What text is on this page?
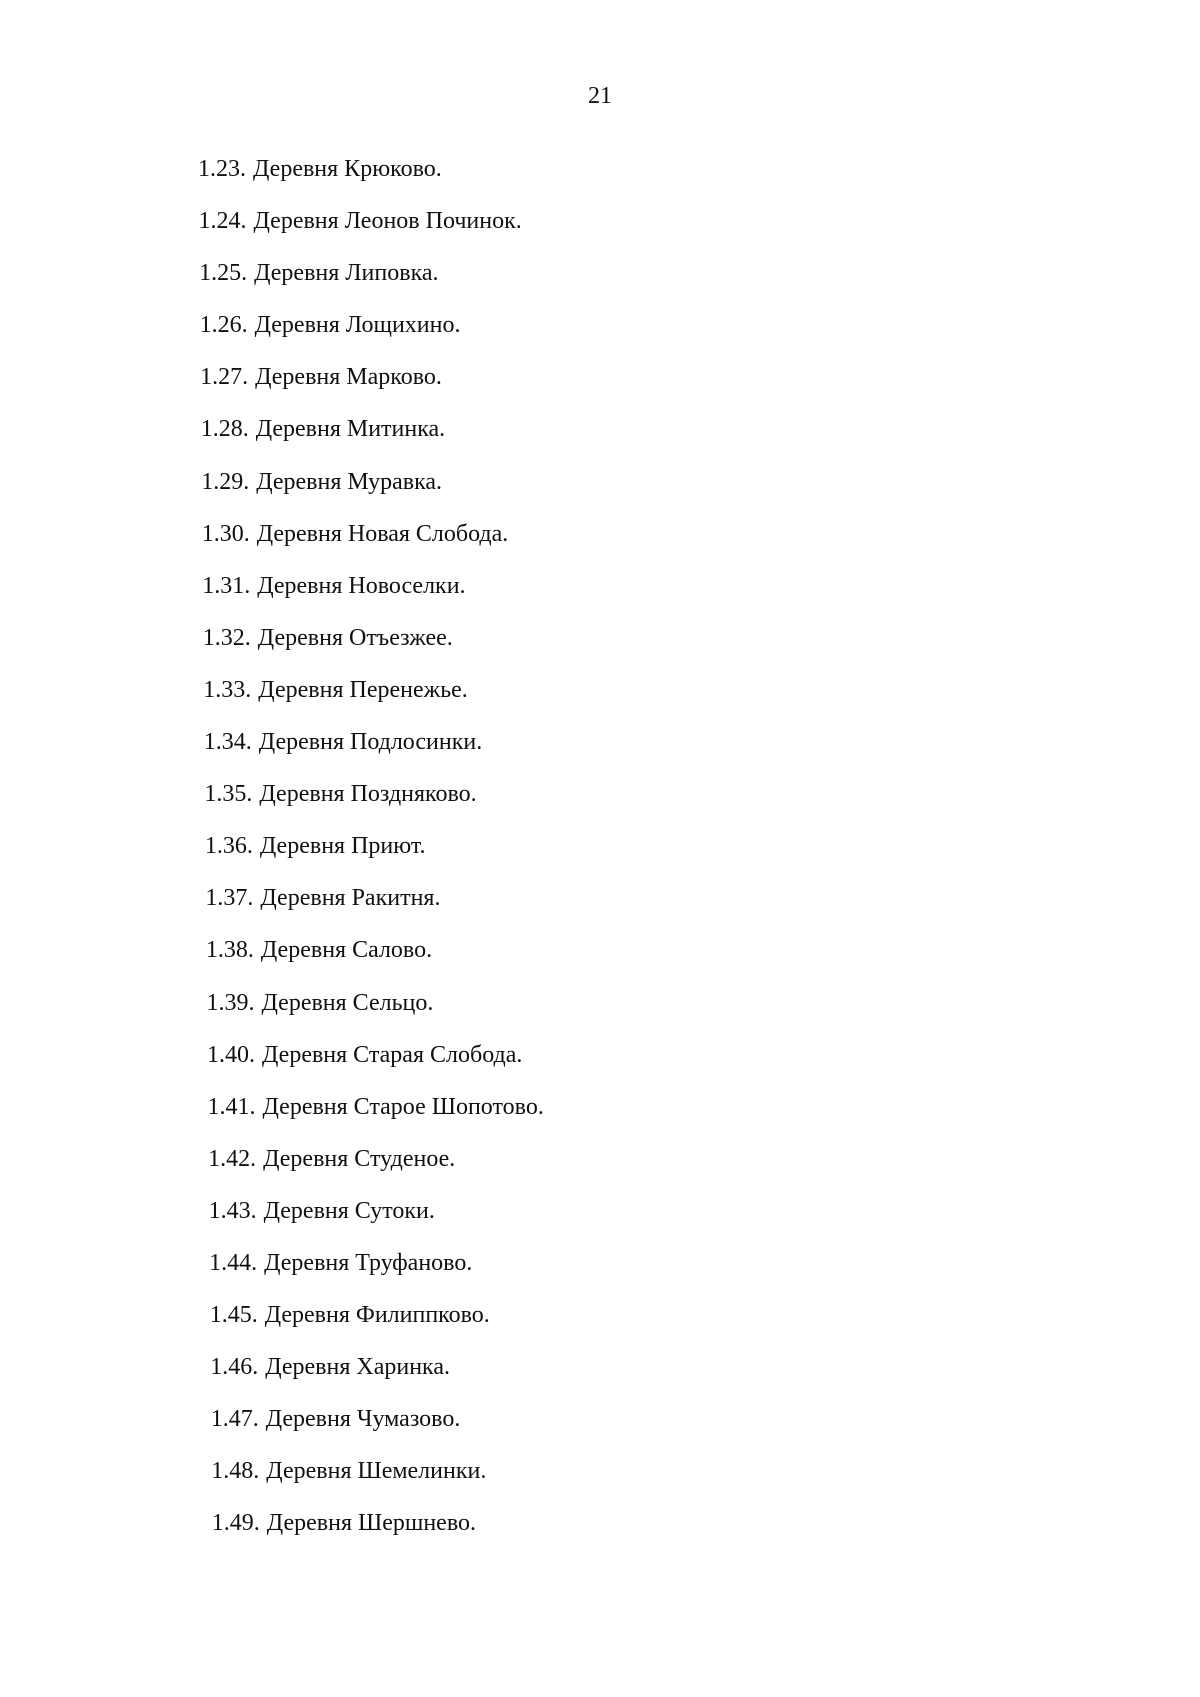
21
1.23. Деревня Крюково.
1.24. Деревня Леонов Починок.
1.25. Деревня Липовка.
1.26. Деревня Лощихино.
1.27. Деревня Марково.
1.28. Деревня Митинка.
1.29. Деревня Муравка.
1.30. Деревня Новая Слобода.
1.31. Деревня Новоселки.
1.32. Деревня Отъезжее.
1.33. Деревня Перенежье.
1.34. Деревня Подлосинки.
1.35. Деревня Поздняково.
1.36. Деревня Приют.
1.37. Деревня Ракитня.
1.38. Деревня Салово.
1.39. Деревня Сельцо.
1.40. Деревня Старая Слобода.
1.41. Деревня Старое Шопотово.
1.42. Деревня Студеное.
1.43. Деревня Сутоки.
1.44. Деревня Труфаново.
1.45. Деревня Филиппково.
1.46. Деревня Харинка.
1.47. Деревня Чумазово.
1.48. Деревня Шемелинки.
1.49. Деревня Шершнево.
